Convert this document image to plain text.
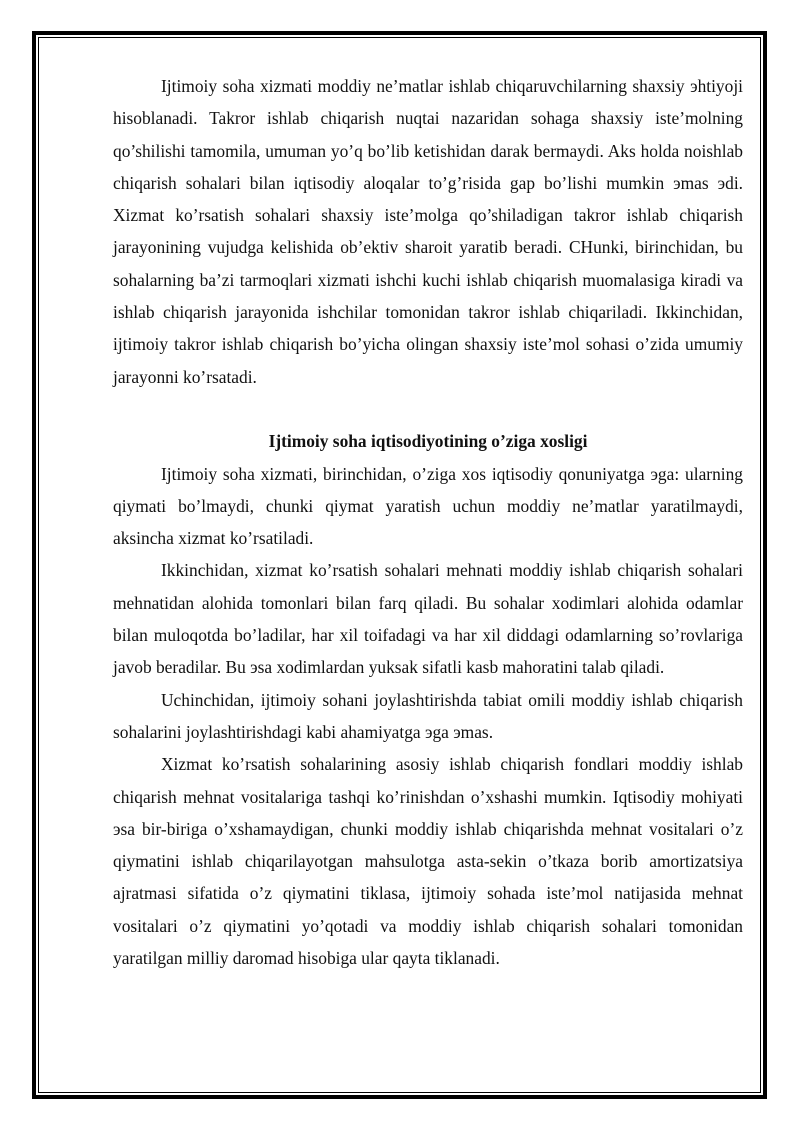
Ijtimoiy soha xizmati moddiy ne’matlar ishlab chiqaruvchilarning shaxsiy эhtiyoji hisoblanadi. Takror ishlab chiqarish nuqtai nazaridan sohaga shaxsiy iste’molning qo’shilishi tamomila, umuman yo’q bo’lib ketishidan darak bermaydi. Aks holda noishlab chiqarish sohalari bilan iqtisodiy aloqalar to’g’risida gap bo’lishi mumkin эmas эdi. Xizmat ko’rsatish sohalari shaxsiy iste’molga qo’shiladigan takror ishlab chiqarish jarayonining vujudga kelishida ob’ektiv sharoit yaratib beradi. CHunki, birinchidan, bu sohalarning ba’zi tarmoqlari xizmati ishchi kuchi ishlab chiqarish muomalasiga kiradi va ishlab chiqarish jarayonida ishchilar tomonidan takror ishlab chiqariladi. Ikkinchidan, ijtimoiy takror ishlab chiqarish bo’yicha olingan shaxsiy iste’mol sohasi o’zida umumiy jarayonni ko’rsatadi.

Ijtimoiy soha iqtisodiyotining o’ziga xosligi

Ijtimoiy soha xizmati, birinchidan, o’ziga xos iqtisodiy qonuniyatga эga: ularning qiymati bo’lmaydi, chunki qiymat yaratish uchun moddiy ne’matlar yaratilmaydi, aksincha xizmat ko’rsatiladi.

Ikkinchidan, xizmat ko’rsatish sohalari mehnati moddiy ishlab chiqarish sohalari mehnatidan alohida tomonlari bilan farq qiladi. Bu sohalar xodimlari alohida odamlar bilan muloqotda bo’ladilar, har xil toifadagi va har xil diddagi odamlarning so’rovlariga javob beradilar. Bu эsa xodimlardan yuksak sifatli kasb mahoratini talab qiladi.

Uchinchidan, ijtimoiy sohani joylashtirishda tabiat omili moddiy ishlab chiqarish sohalarini joylashtirishdagi kabi ahamiyatga эga эmas.

Xizmat ko’rsatish sohalarining asosiy ishlab chiqarish fondlari moddiy ishlab chiqarish mehnat vositalariga tashqi ko’rinishdan o’xshashi mumkin. Iqtisodiy mohiyati эsa bir-biriga o’xshamaydigan, chunki moddiy ishlab chiqarishda mehnat vositalari o’z qiymatini ishlab chiqarilayotgan mahsulotga asta-sekin o’tkaza borib amortizatsiya ajratmasi sifatida o’z qiymatini tiklasa, ijtimoiy sohada iste’mol natijasida mehnat vositalari o’z qiymatini yo’qotadi va moddiy ishlab chiqarish sohalari tomonidan yaratilgan milliy daromad hisobiga ular qayta tiklanadi.
